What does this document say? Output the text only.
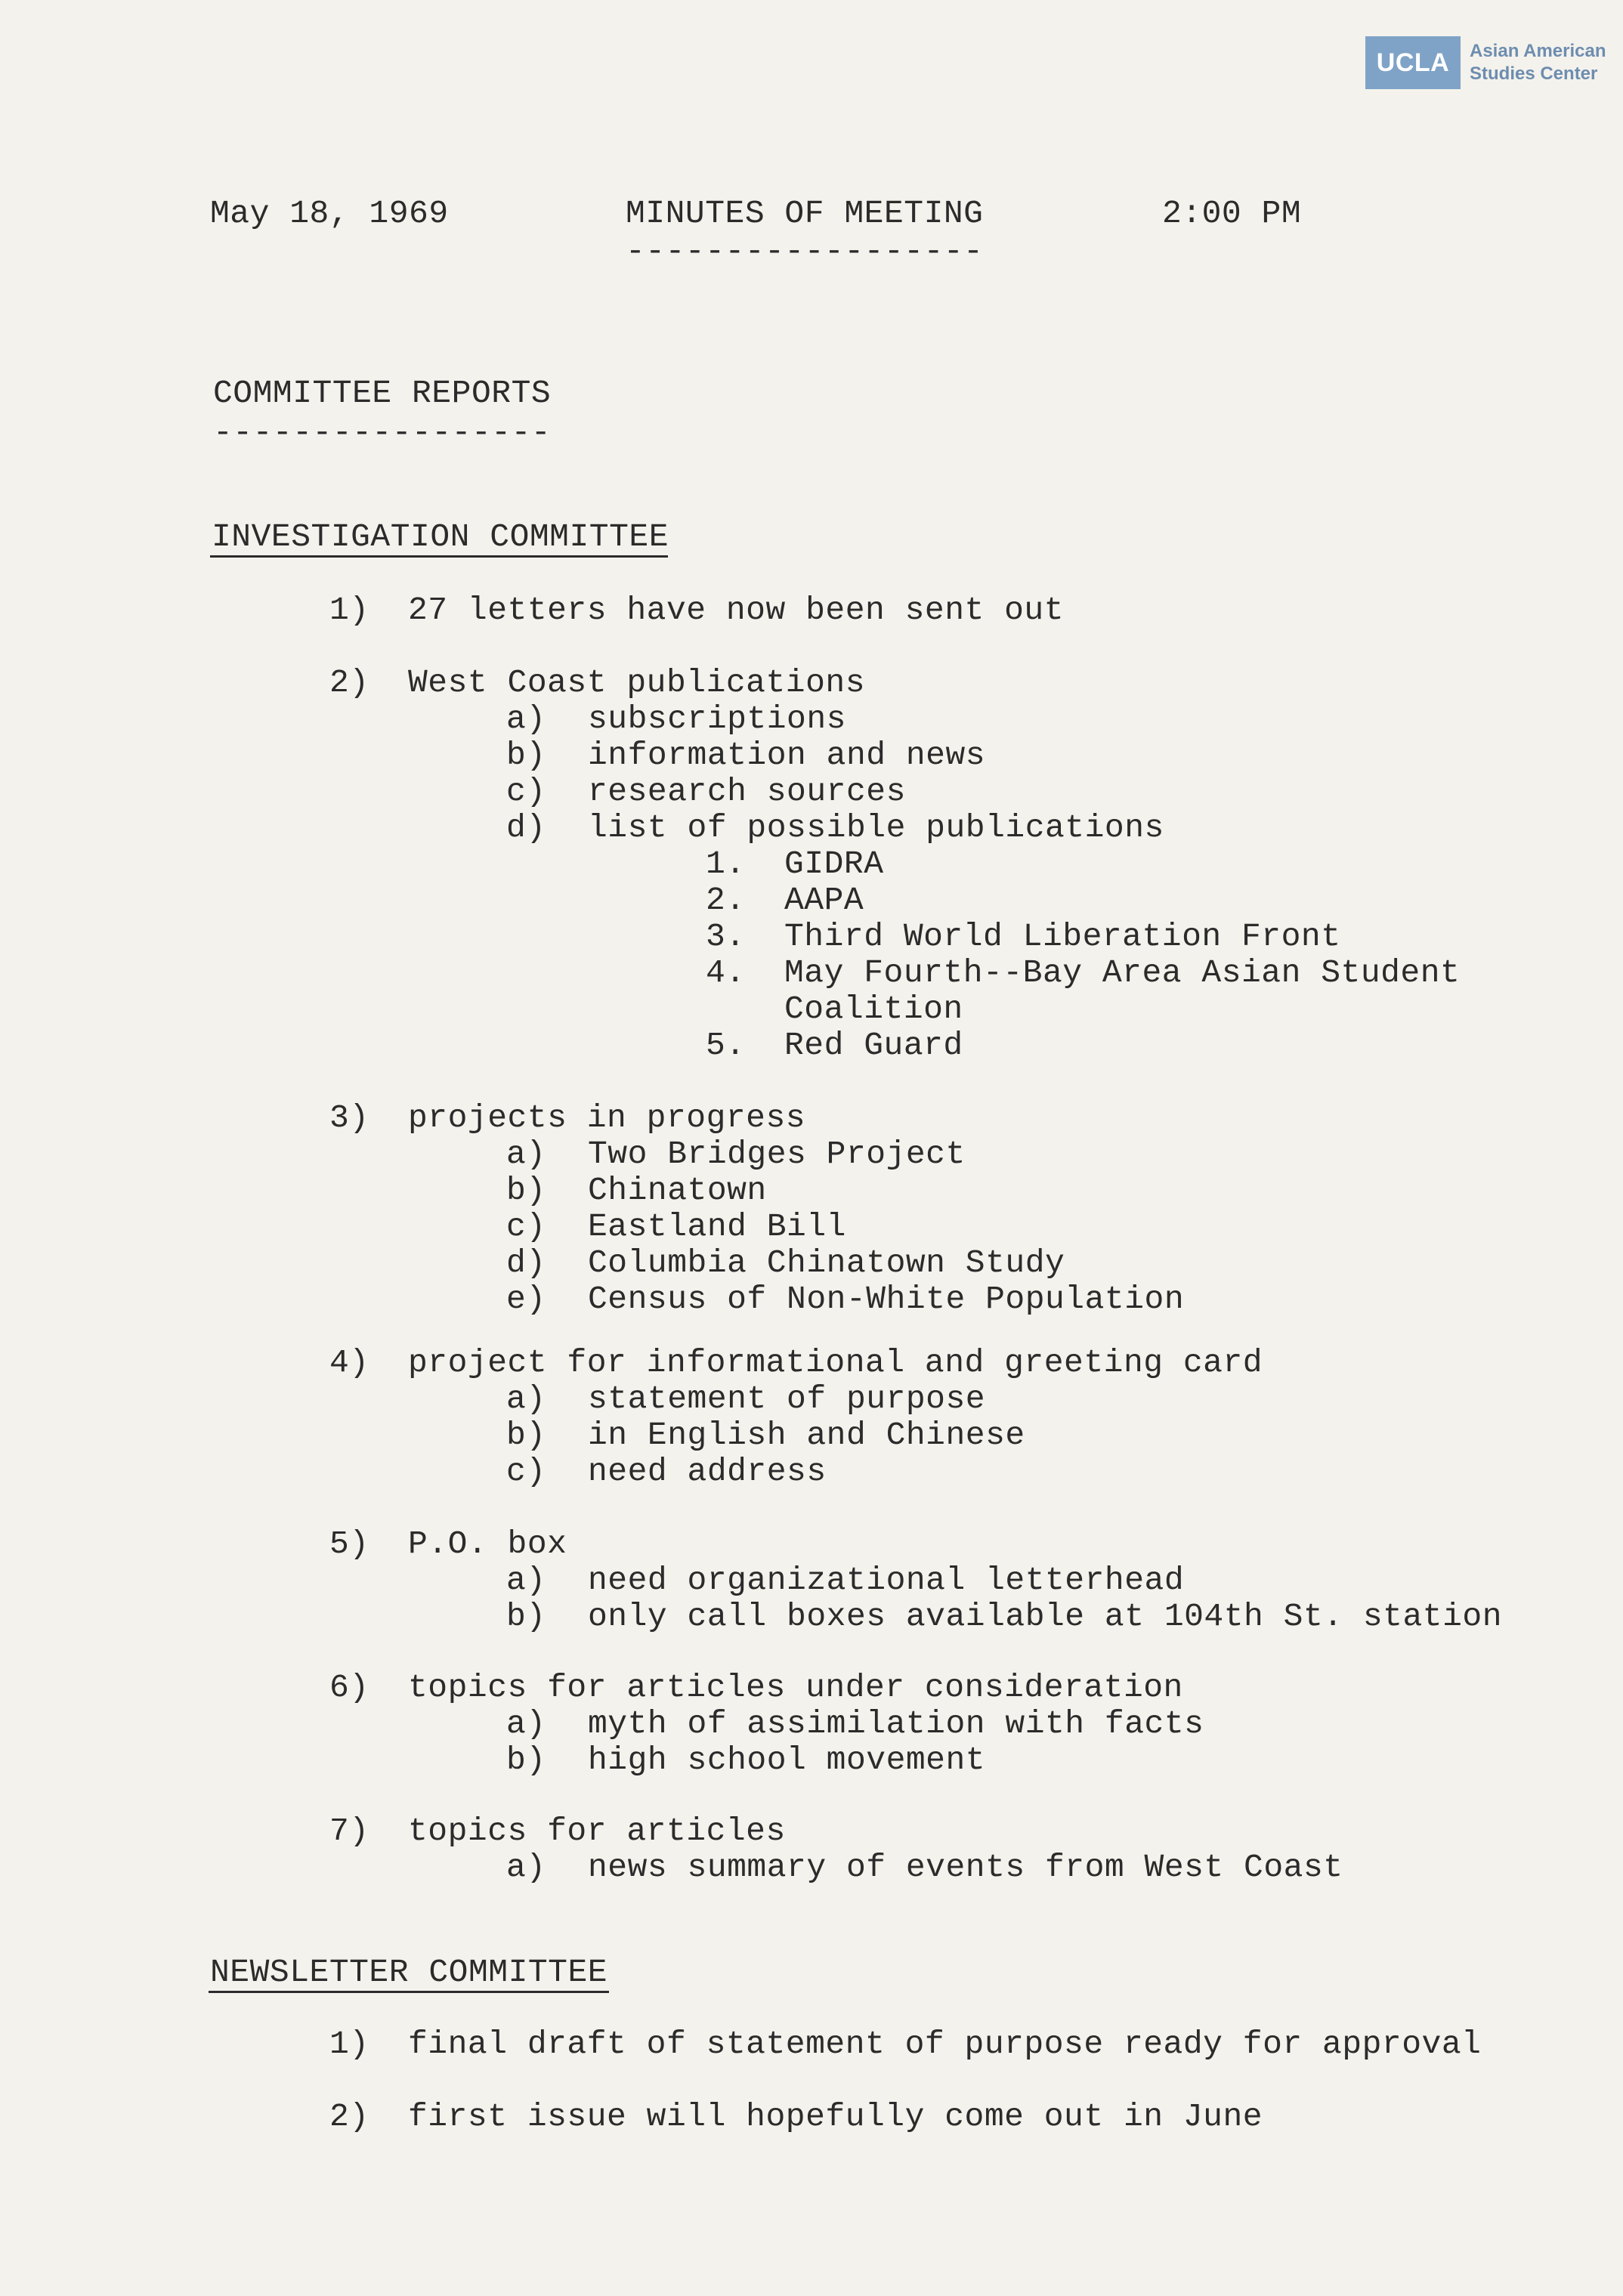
UCLA	Asian American
Studies Center
May 18, 1969	MINUTES OF MEETING
------------------
2:00 PM
COMMITTEE REPORTS
-----------------
INVESTIGATION COMMITTEE
1) 27 letters have now been sent out
2) West Coast publications
a) subscriptions
b) information and news
c) research sources
d) list of possible publications
1. GIDRA
2. AAPA
3. Third World Liberation Front
4. May Fourth--Bay Area Asian Student
Coalition
5. Red Guard
3) projects in progress
a) Two Bridges Project
b) Chinatown
c) Eastland Bill
d) Columbia Chinatown Study
e) Census of Non-White Population
4) project for informational and greeting card
a) statement of purpose
b) in English and Chinese
c) need address
5) P.O. box
a) need organizational letterhead
b) only call boxes available at 104th St. station
6) topics for articles under consideration
a) myth of assimilation with facts
b) high school movement
7) topics for articles
a) news summary of events from West Coast
NEWSLETTER COMMITTEE
1) final draft of statement of purpose ready for approval
2) first issue will hopefully come out in June
